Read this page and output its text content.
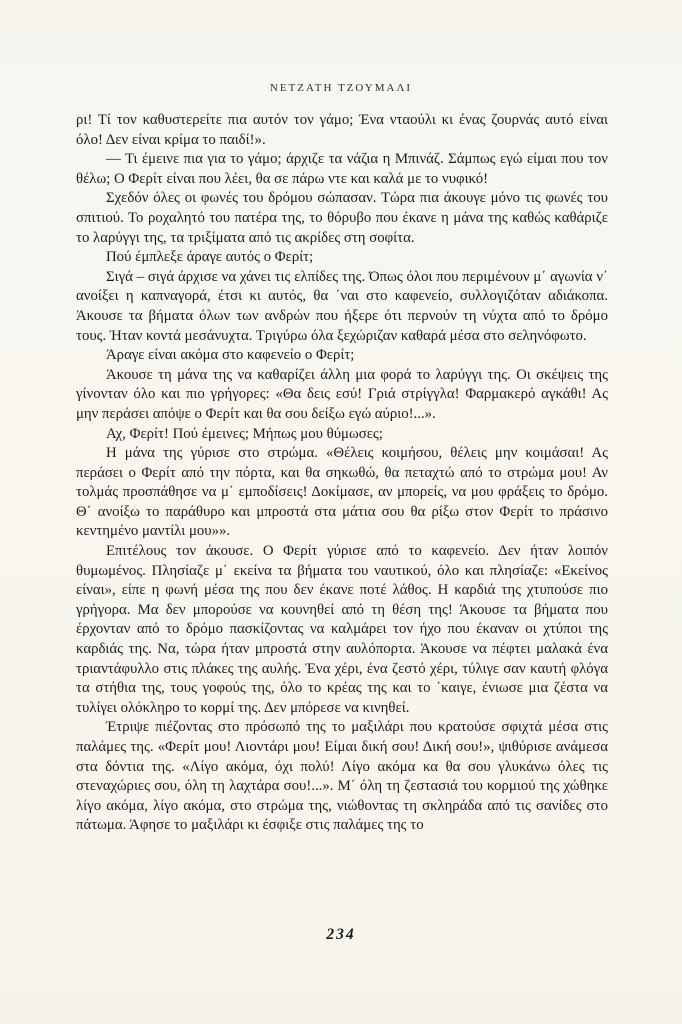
ΝΕΤΖΑΤΗ ΤΖΟΥΜΑΛΙ

ρι! Τί τον καθυστερείτε πια αυτόν τον γάμο; Ένα νταούλι κι ένας ζουρνάς αυτό είναι όλο! Δεν είναι κρίμα το παιδί!».

— Τι έμεινε πια για το γάμο; άρχιζε τα νάζια η Μπινάζ. Σάμπως εγώ είμαι που τον θέλω; Ο Φερίτ είναι που λέει, θα σε πάρω ντε και καλά με το νυφικό!

Σχεδόν όλες οι φωνές του δρόμου σώπασαν. Τώρα πια άκουγε μόνο τις φωνές του σπιτιού. Το ροχαλητό του πατέρα της, το θόρυβο που έκανε η μάνα της καθώς καθάριζε το λαρύγγι της, τα τριξίματα από τις ακρίδες στη σοφίτα.

Πού έμπλεξε άραγε αυτός ο Φερίτ;

Σιγά – σιγά άρχισε να χάνει τις ελπίδες της. Όπως όλοι που περιμένουν μ΄ αγωνία ν΄ ανοίξει η καπναγορά, έτσι κι αυτός, θα ΄ναι στο καφενείο, συλλογιζόταν αδιάκοπα. Άκουσε τα βήματα όλων των ανδρών που ήξερε ότι περνούν τη νύχτα από το δρόμο τους. Ήταν κοντά μεσάνυχτα. Τριγύρω όλα ξεχώριζαν καθαρά μέσα στο σεληνόφωτο.

Άραγε είναι ακόμα στο καφενείο ο Φερίτ;

Άκουσε τη μάνα της να καθαρίζει άλλη μια φορά το λαρύγγι της. Οι σκέψεις της γίνονταν όλο και πιο γρήγορες: «Θα δεις εσύ! Γριά στρίγγλα! Φαρμακερό αγκάθι! Ας μην περάσει απόψε ο Φερίτ και θα σου δείξω εγώ αύριο!...».

Αχ, Φερίτ! Πού έμεινες; Μήπως μου θύμωσες;

Η μάνα της γύρισε στο στρώμα. «Θέλεις κοιμήσου, θέλεις μην κοιμάσαι! Ας περάσει ο Φερίτ από την πόρτα, και θα σηκωθώ, θα πεταχτώ από το στρώμα μου! Αν τολμάς προσπάθησε να μ΄ εμποδίσεις! Δοκίμασε, αν μπορείς, να μου φράξεις το δρόμο. Θ΄ ανοίξω το παράθυρο και μπροστά στα μάτια σου θα ρίξω στον Φερίτ το πράσινο κεντημένο μαντίλι μου»».

Επιτέλους τον άκουσε. Ο Φερίτ γύρισε από το καφενείο. Δεν ήταν λοιπόν θυμωμένος. Πλησίαζε μ΄ εκείνα τα βήματα του ναυτικού, όλο και πλησίαζε: «Εκείνος είναι», είπε η φωνή μέσα της που δεν έκανε ποτέ λάθος. Η καρδιά της χτυπούσε πιο γρήγορα. Μα δεν μπορούσε να κουνηθεί από τη θέση της! Άκουσε τα βήματα που έρχονταν από το δρόμο πασκίζοντας να καλμάρει τον ήχο που έκαναν οι χτύποι της καρδιάς της. Να, τώρα ήταν μπροστά στην αυλόπορτα. Άκουσε να πέφτει μαλακά ένα τριαντάφυλλο στις πλάκες της αυλής. Ένα χέρι, ένα ζεστό χέρι, τύλιγε σαν καυτή φλόγα τα στήθια της, τους γοφούς της, όλο το κρέας της και το ΄καιγε, ένιωσε μια ζέστα να τυλίγει ολόκληρο το κορμί της. Δεν μπόρεσε να κινηθεί.

Έτριψε πιέζοντας στο πρόσωπό της το μαξιλάρι που κρατούσε σφιχτά μέσα στις παλάμες της. «Φερίτ μου! Λιοντάρι μου! Είμαι δική σου! Δική σου!», ψιθύρισε ανάμεσα στα δόντια της. «Λίγο ακόμα, όχι πολύ! Λίγο ακόμα κα θα σου γλυκάνω όλες τις στεναχώριες σου, όλη τη λαχτάρα σου!...». Μ΄ όλη τη ζεστασιά του κορμιού της χώθηκε λίγο ακόμα, λίγο ακόμα, στο στρώμα της, νιώθοντας τη σκληράδα από τις σανίδες στο πάτωμα. Άφησε το μαξιλάρι κι έσφιξε στις παλάμες της το

234
